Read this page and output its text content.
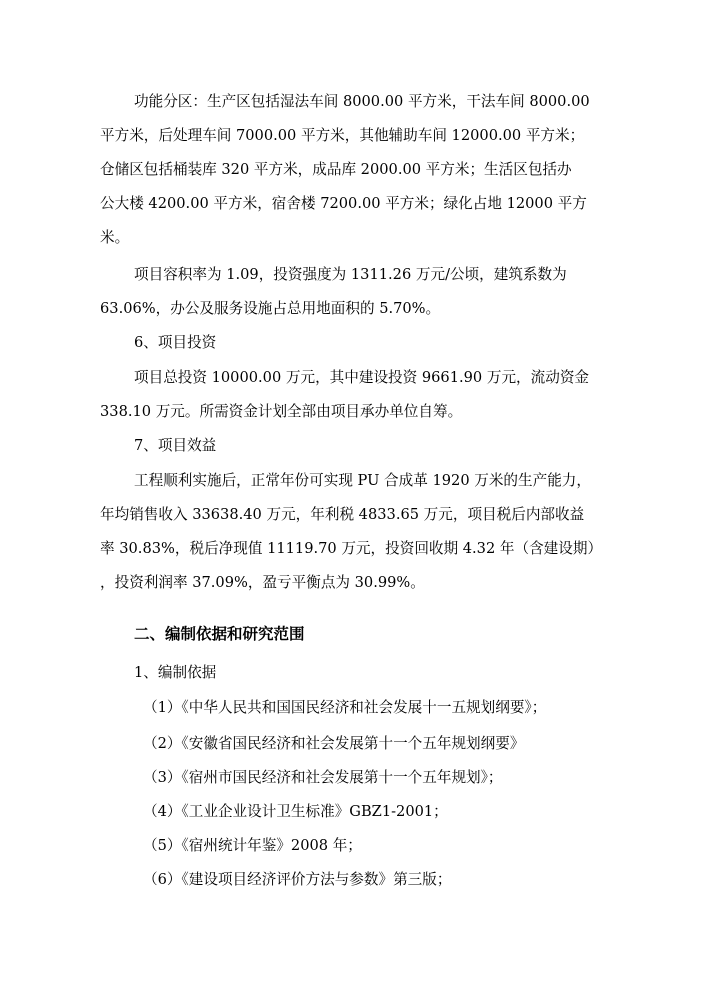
功能分区：生产区包括湿法车间 8000.00 平方米，干法车间 8000.00
平方米，后处理车间 7000.00 平方米，其他辅助车间 12000.00 平方米；
仓储区包括桶装库 320 平方米，成品库 2000.00 平方米；生活区包括办
公大楼 4200.00 平方米，宿舍楼 7200.00 平方米；绿化占地 12000 平方
米。
项目容积率为 1.09，投资强度为 1311.26 万元/公顷，建筑系数为
63.06%，办公及服务设施占总用地面积的 5.70%。
6、项目投资
项目总投资 10000.00 万元，其中建设投资 9661.90 万元，流动资金
338.10 万元。所需资金计划全部由项目承办单位自筹。
7、项目效益
工程顺利实施后，正常年份可实现 PU 合成革 1920 万米的生产能力，
年均销售收入 33638.40 万元，年利税 4833.65 万元，项目税后内部收益
率 30.83%，税后净现值 11119.70 万元，投资回收期 4.32 年（含建设期）
，投资利润率 37.09%，盈亏平衡点为 30.99%。
二、编制依据和研究范围
1、编制依据
（1）《中华人民共和国国民经济和社会发展十一五规划纲要》；
（2）《安徽省国民经济和社会发展第十一个五年规划纲要》
（3）《宿州市国民经济和社会发展第十一个五年规划》；
（4）《工业企业设计卫生标准》GBZ1-2001；
（5）《宿州统计年鉴》2008 年；
（6）《建设项目经济评价方法与参数》第三版；
